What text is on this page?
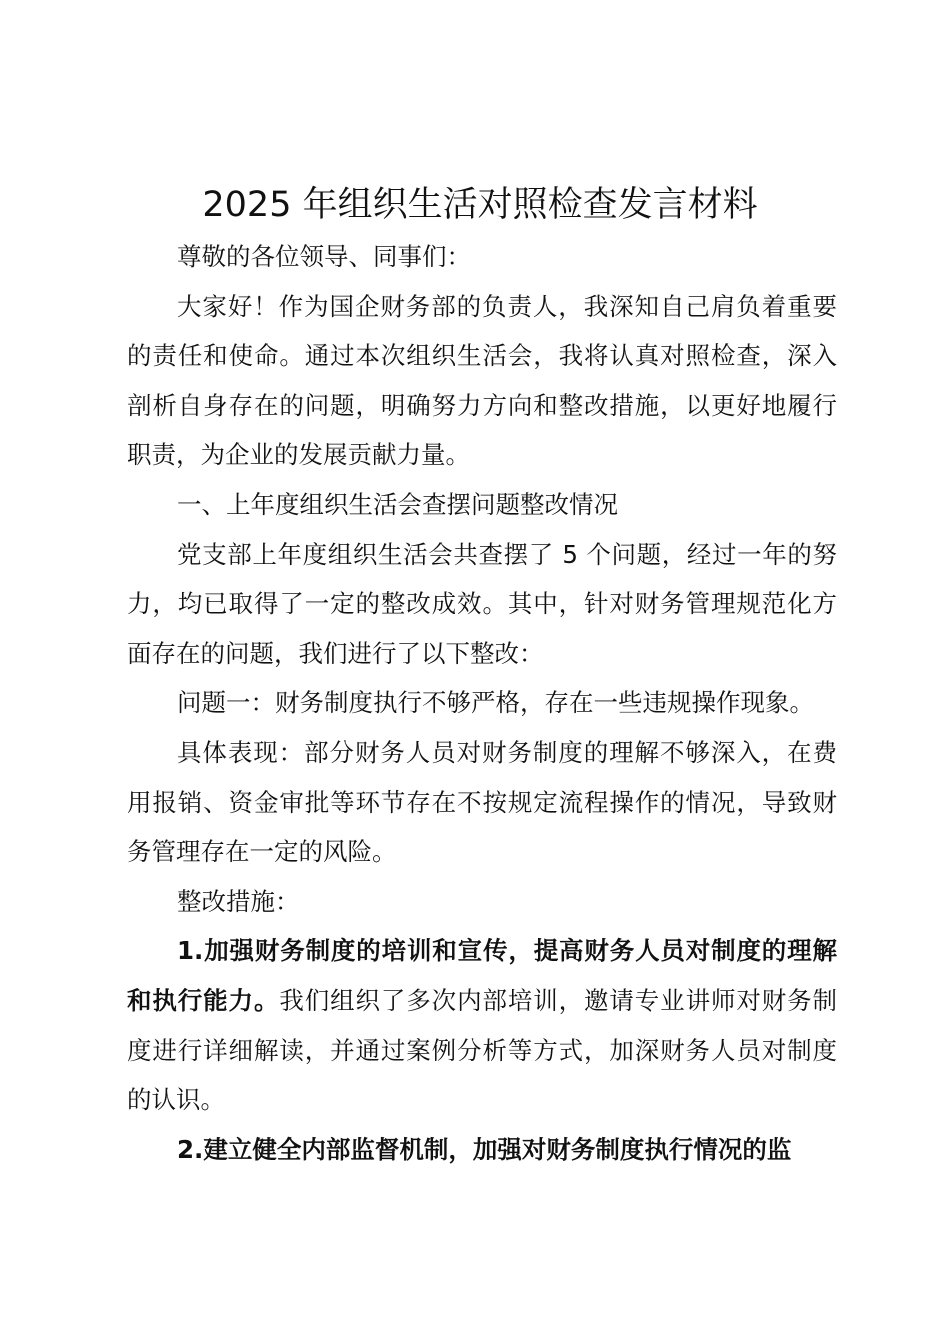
2025 年组织生活对照检查发言材料

尊敬的各位领导、同事们：

大家好！作为国企财务部的负责人，我深知自己肩负着重要的责任和使命。通过本次组织生活会，我将认真对照检查，深入剖析自身存在的问题，明确努力方向和整改措施，以更好地履行职责，为企业的发展贡献力量。

一、上年度组织生活会查摆问题整改情况

党支部上年度组织生活会共查摆了 5 个问题，经过一年的努力，均已取得了一定的整改成效。其中，针对财务管理规范化方面存在的问题，我们进行了以下整改：

问题一：财务制度执行不够严格，存在一些违规操作现象。

具体表现：部分财务人员对财务制度的理解不够深入，在费用报销、资金审批等环节存在不按规定流程操作的情况，导致财务管理存在一定的风险。

整改措施：

1.加强财务制度的培训和宣传，提高财务人员对制度的理解和执行能力。我们组织了多次内部培训，邀请专业讲师对财务制度进行详细解读，并通过案例分析等方式，加深财务人员对制度的认识。

2.建立健全内部监督机制，加强对财务制度执行情况的监
